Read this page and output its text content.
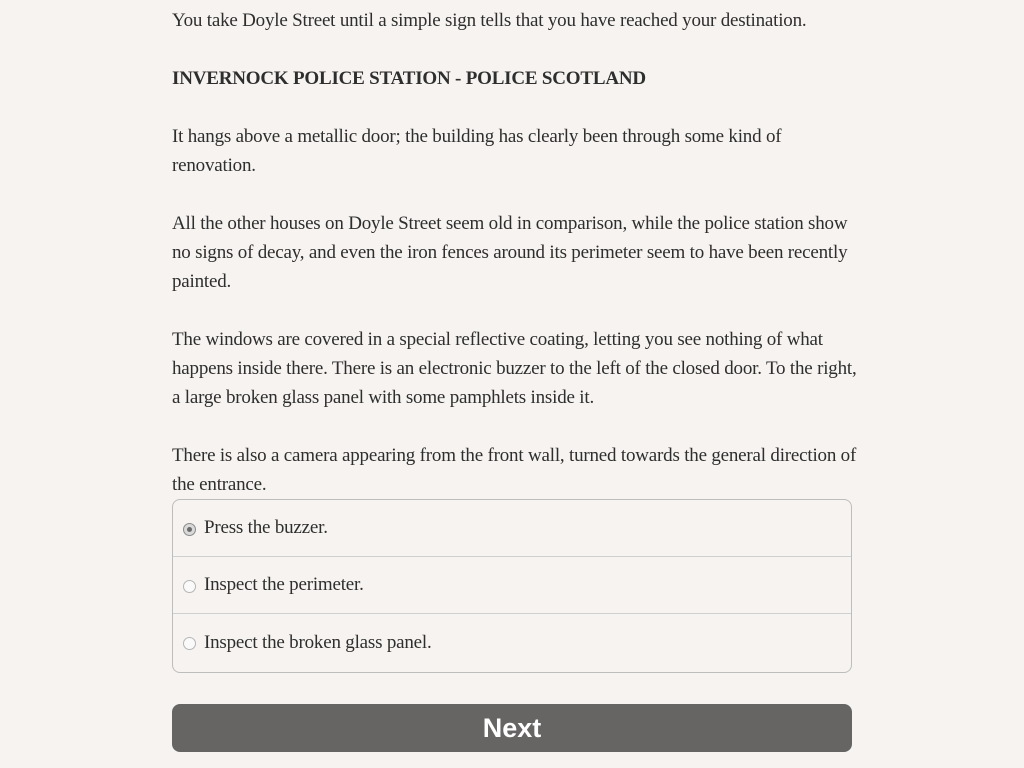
You take Doyle Street until a simple sign tells that you have reached your destination.

INVERNOCK POLICE STATION - POLICE SCOTLAND

It hangs above a metallic door; the building has clearly been through some kind of renovation.

All the other houses on Doyle Street seem old in comparison, while the police station show no signs of decay, and even the iron fences around its perimeter seem to have been recently painted.

The windows are covered in a special reflective coating, letting you see nothing of what happens inside there. There is an electronic buzzer to the left of the closed door. To the right, a large broken glass panel with some pamphlets inside it.

There is also a camera appearing from the front wall, turned towards the general direction of the entrance.

Press the buzzer.
Inspect the perimeter.
Inspect the broken glass panel.
Next
